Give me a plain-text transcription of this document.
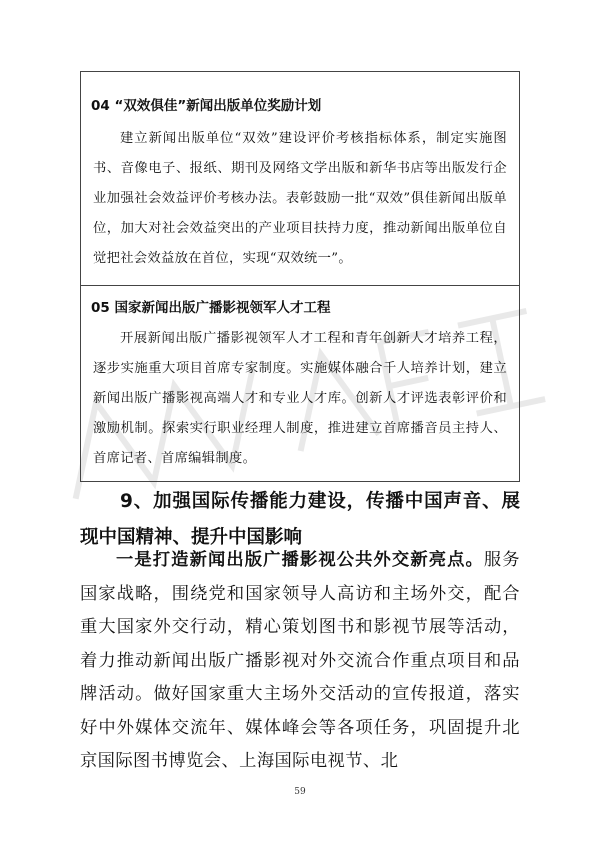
04 “双效俱佳”新闻出版单位奖励计划

建立新闻出版单位“双效”建设评价考核指标体系，制定实施图书、音像电子、报纸、期刊及网络文学出版和新华书店等出版发行企业加强社会效益评价考核办法。表彰鼓励一批“双效”俱佳新闻出版单位，加大对社会效益突出的产业项目扶持力度，推动新闻出版单位自觉把社会效益放在首位，实现“双效统一”。

05 国家新闻出版广播影视领军人才工程

开展新闻出版广播影视领军人才工程和青年创新人才培养工程，逐步实施重大项目首席专家制度。实施媒体融合千人培养计划，建立新闻出版广播影视高端人才和专业人才库。创新人才评选表彰评价和激励机制。探索实行职业经理人制度，推进建立首席播音员主持人、首席记者、首席编辑制度。

9、加强国际传播能力建设，传播中国声音、展现中国精神、提升中国影响

一是打造新闻出版广播影视公共外交新亮点。服务国家战略，围绕党和国家领导人高访和主场外交，配合重大国家外交行动，精心策划图书和影视节展等活动，着力推动新闻出版广播影视对外交流合作重点项目和品牌活动。做好国家重大主场外交活动的宣传报道，落实好中外媒体交流年、媒体峰会等各项任务，巩固提升北京国际图书博览会、上海国际电视节、北

59
